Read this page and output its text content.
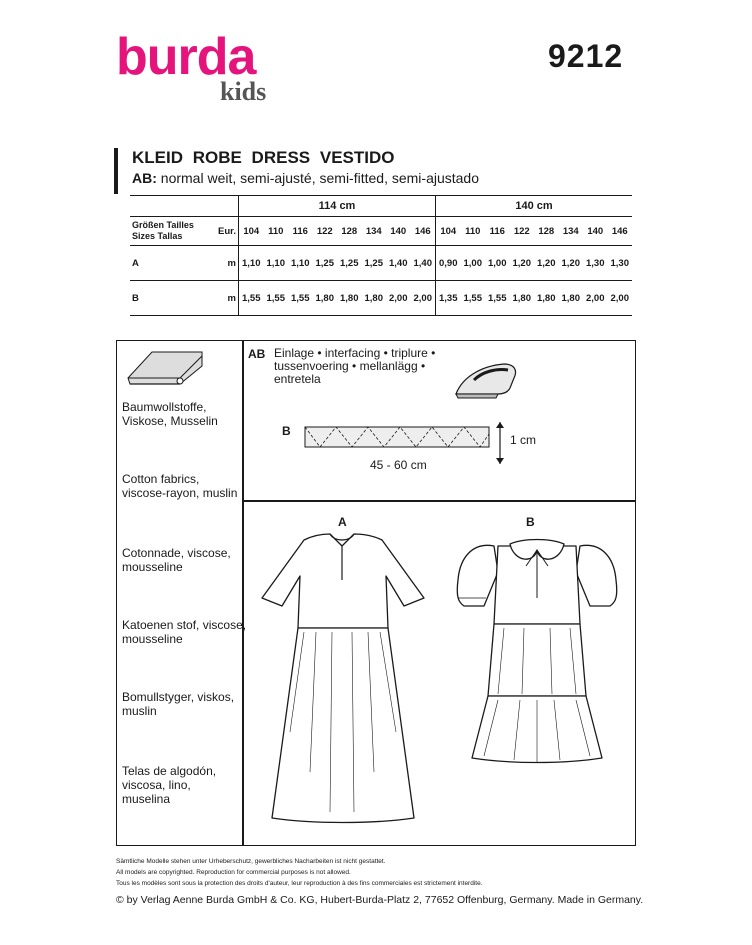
burda
kids
9212
KLEID ROBE DRESS VESTIDO
AB: normal weit, semi-ajusté, semi-fitted, semi-ajustado
		114 cm								140 cm							
Größen Tailles
Sizes Tallas	Eur.	104	110	116	122	128	134	140	146	104	110	116	122	128	134	140	146
A	m	1,10	1,10	1,10	1,25	1,25	1,25	1,40	1,40	0,90	1,00	1,00	1,20	1,20	1,20	1,30	1,30
B	m	1,55	1,55	1,55	1,80	1,80	1,80	2,00	2,00	1,35	1,55	1,55	1,80	1,80	1,80	2,00	2,00
Baumwollstoffe,
Viskose, Musselin
Cotton fabrics,
viscose-rayon, muslin
Cotonnade, viscose,
mousseline
Katoenen stof, viscose,
mousseline
Bomullstyger, viskos,
muslin
Telas de algodón,
viscosa, lino,
muselina
AB Einlage • interfacing • triplure •
tussenvoering • mellanlägg •
entretela
B
45 - 60 cm
1 cm
A	B
Sämtliche Modelle stehen unter Urheberschutz, gewerbliches Nacharbeiten ist nicht gestattet.
All models are copyrighted. Reproduction for commercial purposes is not allowed.
Tous les modèles sont sous la protection des droits d'auteur, leur reproduction à des fins commerciales est strictement interdite.
© by Verlag Aenne Burda GmbH & Co. KG, Hubert-Burda-Platz 2, 77652 Offenburg, Germany. Made in Germany.
